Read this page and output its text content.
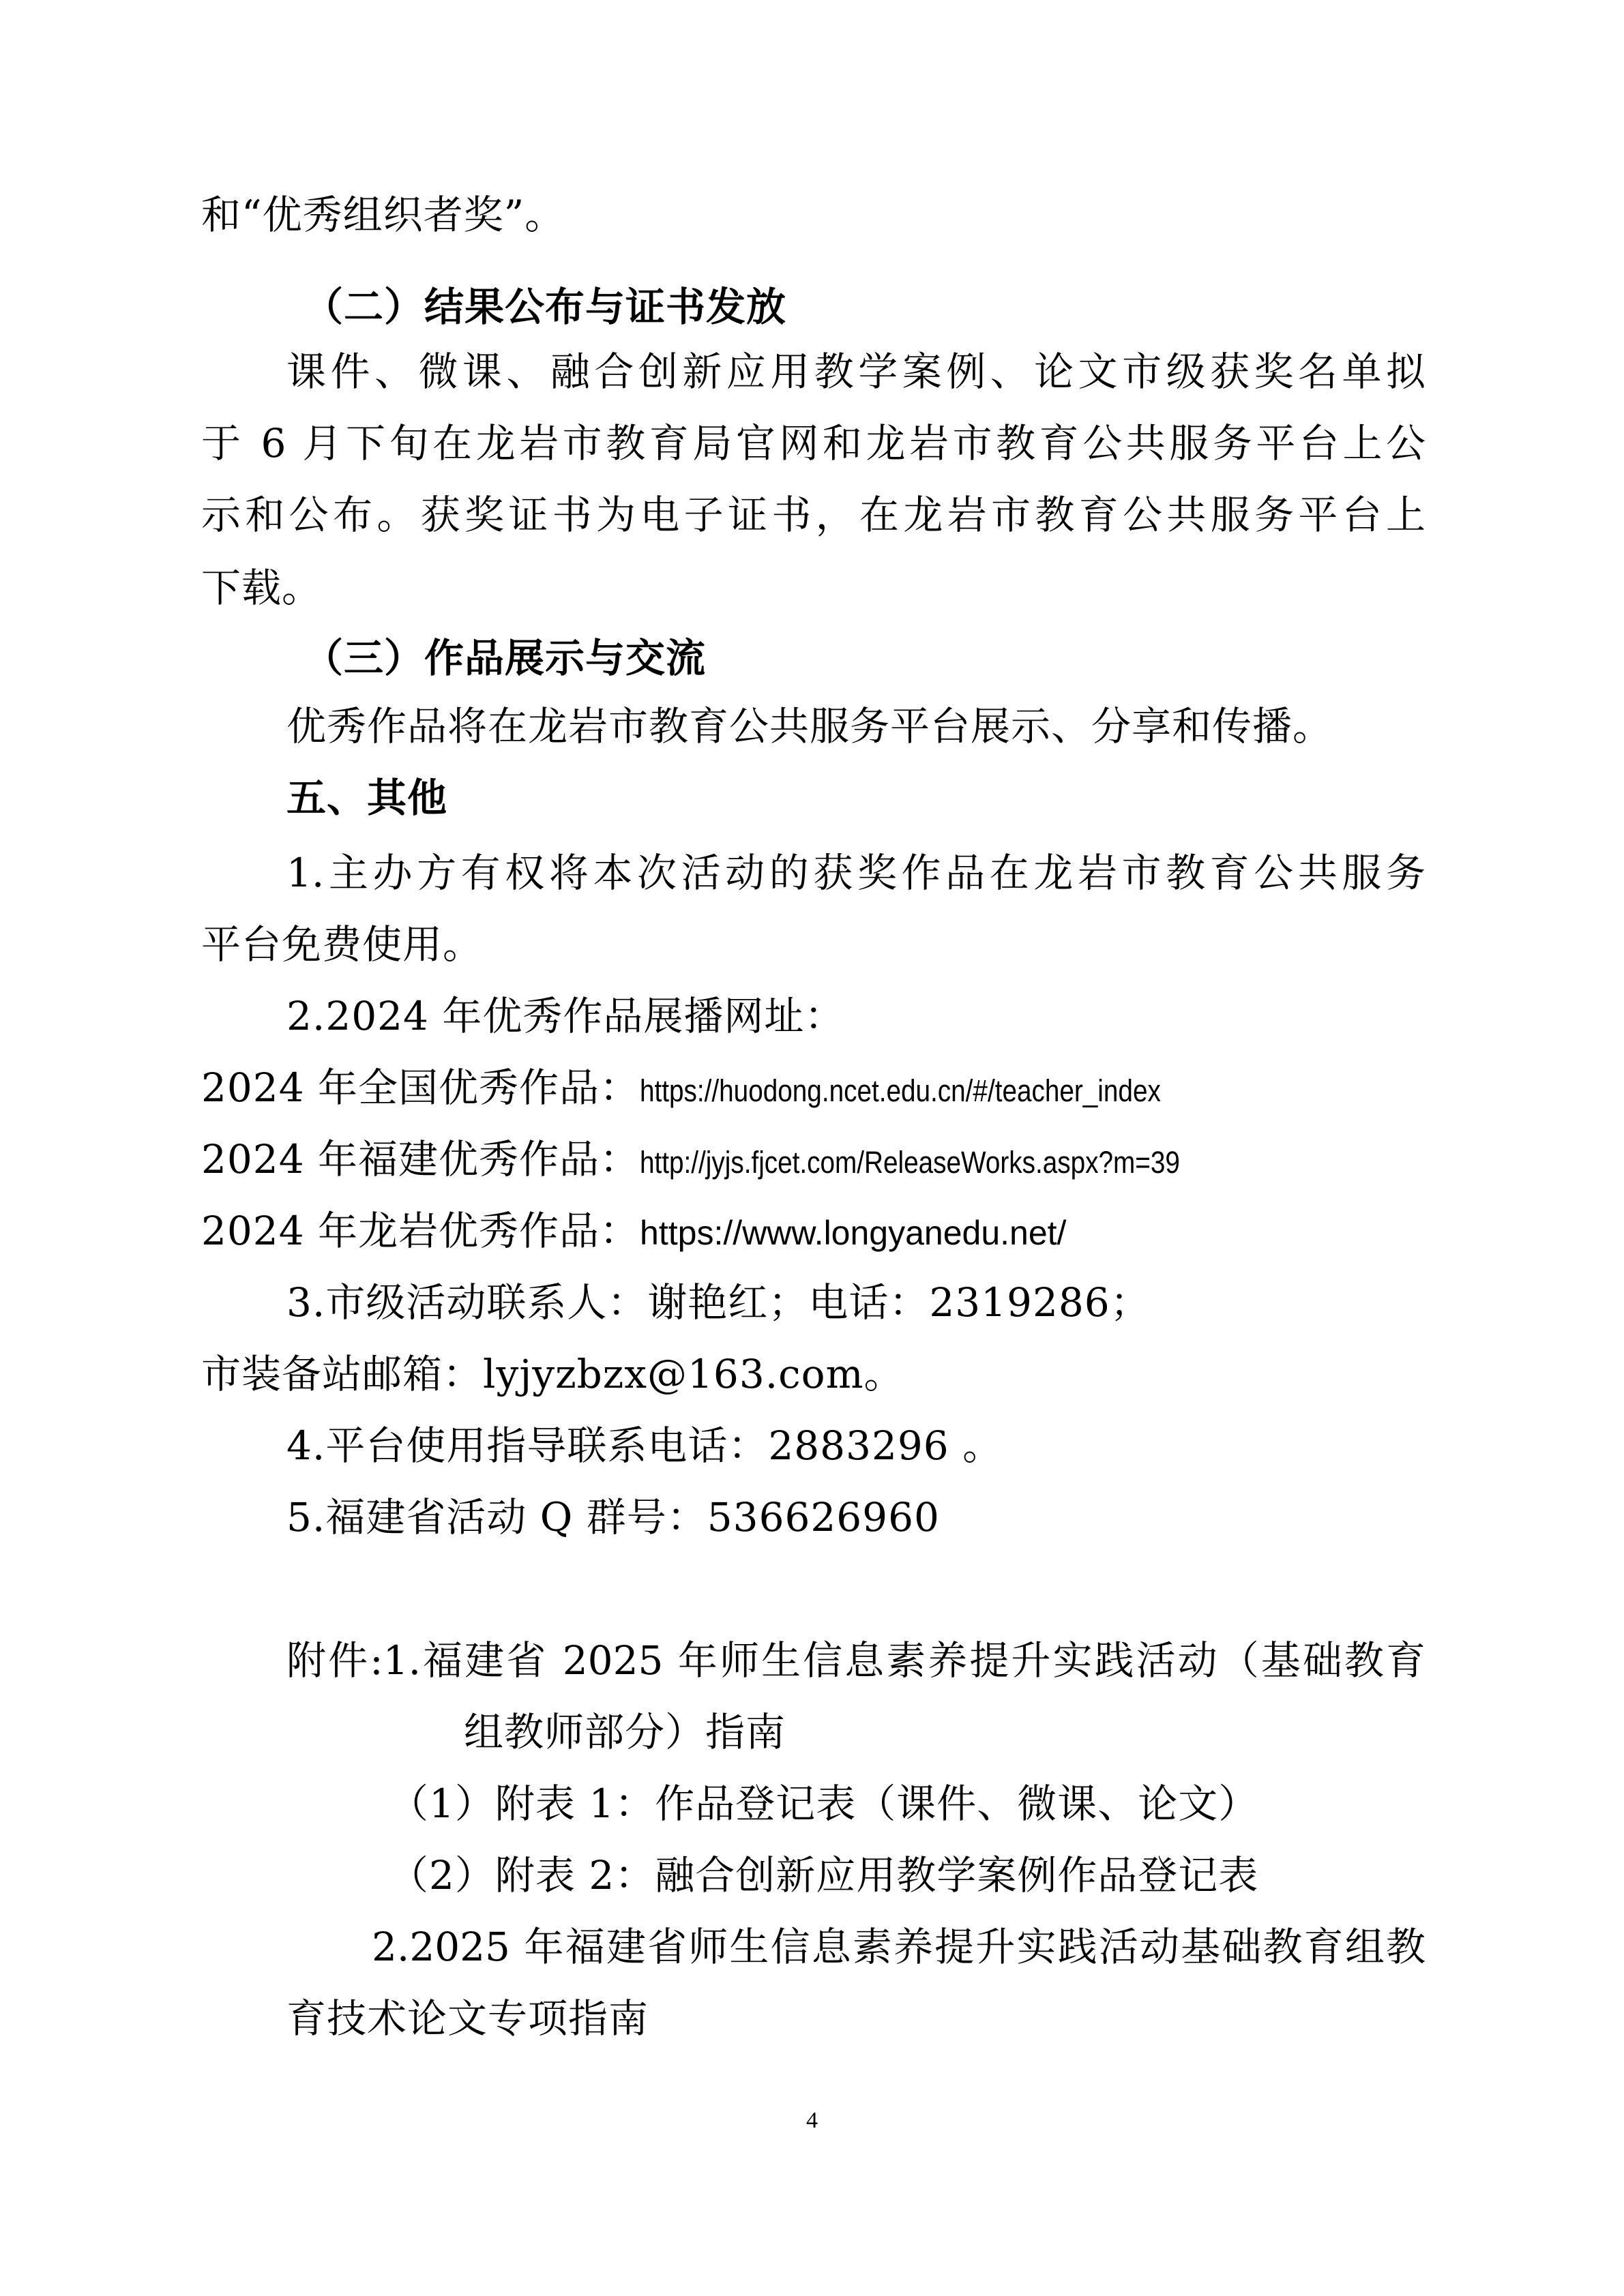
和“优秀组织者奖”。

（二）结果公布与证书发放

课件、微课、融合创新应用教学案例、论文市级获奖名单拟

于 6 月下旬在龙岩市教育局官网和龙岩市教育公共服务平台上公

示和公布。获奖证书为电子证书，在龙岩市教育公共服务平台上

下载。

（三）作品展示与交流

优秀作品将在龙岩市教育公共服务平台展示、分享和传播。

五、其他

1.主办方有权将本次活动的获奖作品在龙岩市教育公共服务

平台免费使用。

2.2024 年优秀作品展播网址：

2024 年全国优秀作品：https://huodong.ncet.edu.cn/#/teacher_index

2024 年福建优秀作品：http://jyjs.fjcet.com/ReleaseWorks.aspx?m=39

2024 年龙岩优秀作品：https://www.longyanedu.net/

3.市级活动联系人：谢艳红；电话：2319286；

市装备站邮箱：lyjyzbzx@163.com。

4.平台使用指导联系电话：2883296 。

5.福建省活动 Q 群号：536626960

附件:1.福建省 2025 年师生信息素养提升实践活动（基础教育

组教师部分）指南

（1）附表 1：作品登记表（课件、微课、论文）

（2）附表 2：融合创新应用教学案例作品登记表

2.2025 年福建省师生信息素养提升实践活动基础教育组教

育技术论文专项指南

4
